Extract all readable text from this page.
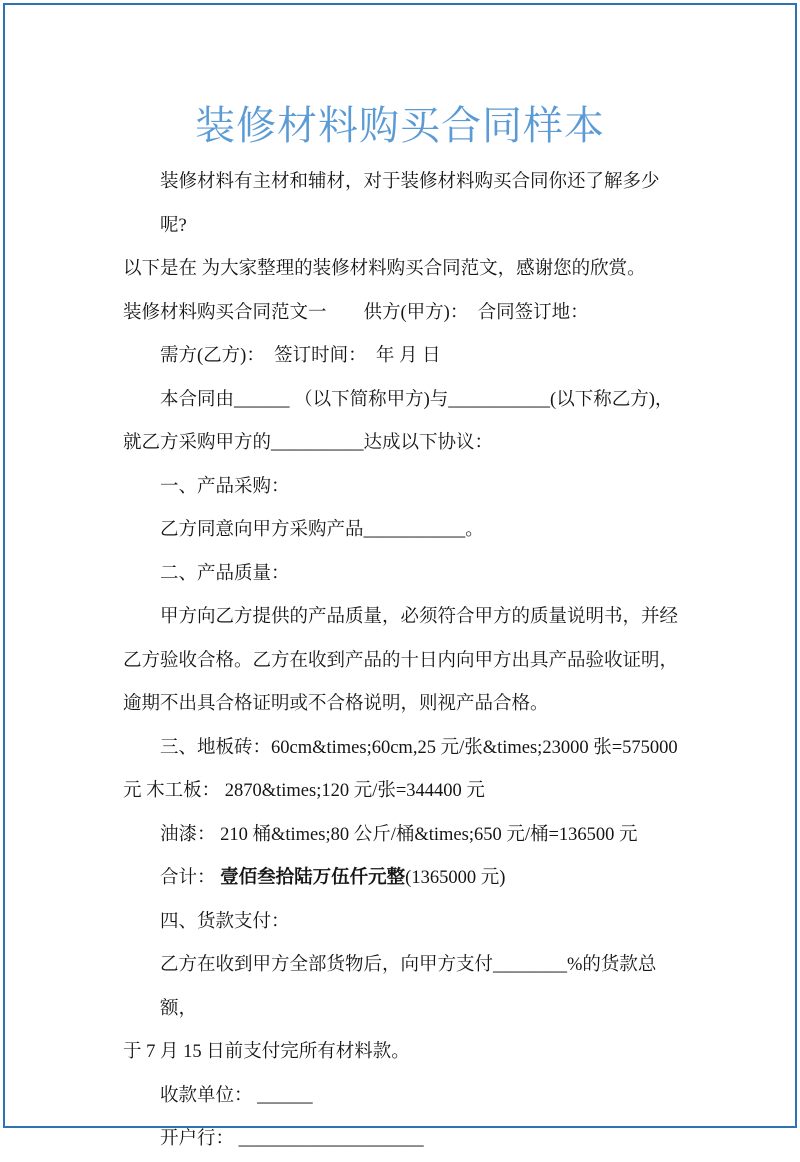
装修材料购买合同样本
装修材料有主材和辅材，对于装修材料购买合同你还了解多少呢?
以下是在 为大家整理的装修材料购买合同范文，感谢您的欣赏。
装修材料购买合同范文一　　供方(甲方)：　合同签订地：
需方(乙方)：　签订时间：　年 月 日
本合同由______ （以下简称甲方)与___________(以下称乙方)，
就乙方采购甲方的__________达成以下协议：
一、产品采购：
乙方同意向甲方采购产品___________。
二、产品质量：
甲方向乙方提供的产品质量，必须符合甲方的质量说明书，并经
乙方验收合格。乙方在收到产品的十日内向甲方出具产品验收证明，
逾期不出具合格证明或不合格说明，则视产品合格。
三、地板砖：60cm&times;60cm,25 元/张&times;23000 张=575000
元 木工板： 2870&times;120 元/张=344400 元
油漆： 210 桶&times;80 公斤/桶&times;650 元/桶=136500 元
合计： 壹佰叁拾陆万伍仟元整(1365000 元)
四、货款支付：
乙方在收到甲方全部货物后，向甲方支付________%的货款总额，
于 7 月 15 日前支付完所有材料款。
收款单位： ______
开户行： ____________________
